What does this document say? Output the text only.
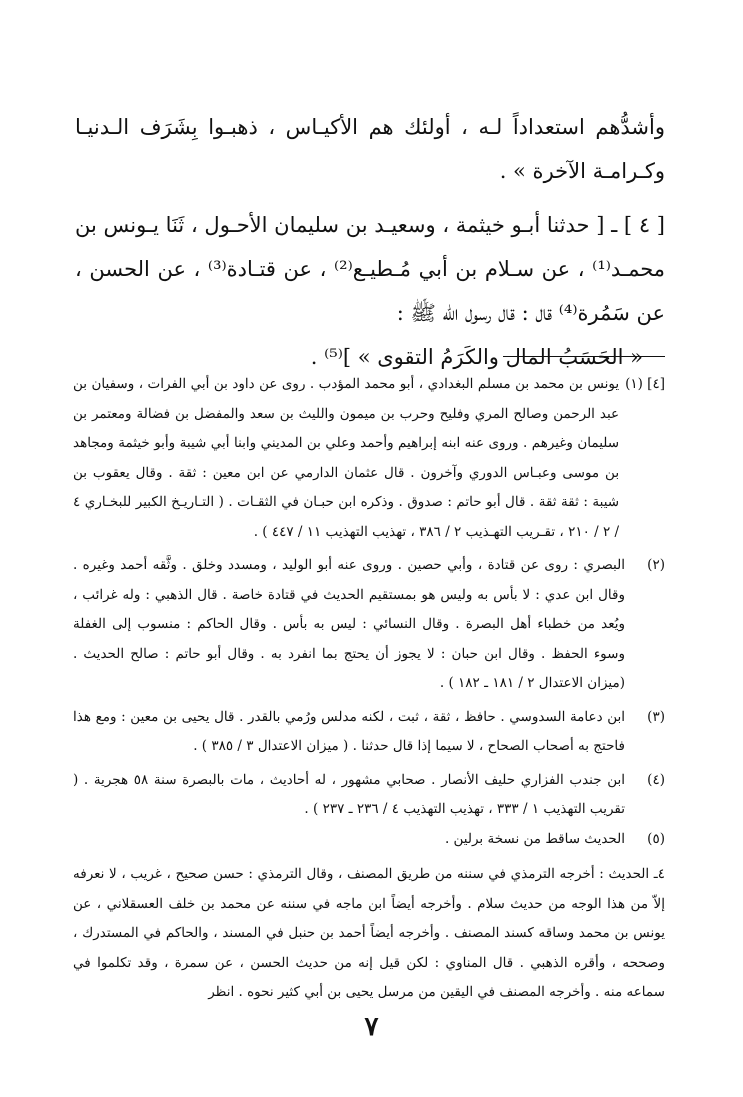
وأشدُّهم استعداداً لـه ، أولئك هم الأكيـاس ، ذهبـوا بِشَرَف الـدنيـا وكـرامـة الآخرة » .

[ ٤ ] ـ [ حدثنا أبـو خيثمة ، وسعيـد بن سليمان الأحـول ، ثَنَا يـونس بن محمـد⁽¹⁾ ، عن سـلام بن أبي مُـطيـع⁽²⁾ ، عن قتـادة⁽³⁾ ، عن الحسن ، عن سَمُرة⁽⁴⁾ قال : قال رسول الله ﷺ :

« الحَسَبُ المال والكَرَمُ التقوى » ]⁽⁵⁾ .

[٤] (١)
يونس بن محمد بن مسلم البغدادي ، أبو محمد المؤدب . روى عن داود بن أبي الفرات ، وسفيان بن عبد الرحمن وصالح المري وفليح وحرب بن ميمون والليث بن سعد والمفضل بن فضالة ومعتمر بن سليمان وغيرهم . وروى عنه ابنه إبراهيم وأحمد وعلي بن المديني وابنا أبي شيبة وأبو خيثمة ومجاهد بن موسى وعبـاس الدوري وآخرون . قال عثمان الدارمي عن ابن معين : ثقة . وقال يعقوب بن شيبة : ثقة ثقة . قال أبو حاتم : صدوق . وذكره ابن حبـان في الثقـات . ( التـاريـخ الكبير للبخـاري ٤ / ٢ / ٢١٠ ، تقـريب التهـذيب ٢ / ٣٨٦ ، تهذيب التهذيب ١١ / ٤٤٧ ) .
(٢)
البصري : روى عن قتادة ، وأبي حصين . وروى عنه أبو الوليد ، ومسدد وخلق . وثَّقه أحمد وغيره . وقال ابن عدي : لا بأس به وليس هو بمستقيم الحديث في قتادة خاصة . قال الذهبي : وله غرائب ، ويُعد من خطباء أهل البصرة . وقال النسائي : ليس به بأس . وقال الحاكم : منسوب إلى الغفلة وسوء الحفظ . وقال ابن حبان : لا يجوز أن يحتج بما انفرد به . وقال أبو حاتم : صالح الحديث . (ميزان الاعتدال ٢ / ١٨١ ـ ١٨٢ ) .
(٣)
ابن دعامة السدوسي . حافظ ، ثقة ، ثبت ، لكنه مدلس ورُمي بالقدر . قال يحيى بن معين : ومع هذا فاحتج به أصحاب الصحاح ، لا سيما إذا قال حدثنا . ( ميزان الاعتدال ٣ / ٣٨٥ ) .
(٤)
ابن جندب الفزاري حليف الأنصار . صحابي مشهور ، له أحاديث ، مات بالبصرة سنة ٥٨ هجرية . ( تقريب التهذيب ١ / ٣٣٣ ، تهذيب التهذيب ٤ / ٢٣٦ ـ ٢٣٧ ) .
(٥)
الحديث ساقط من نسخة برلين .

٤ـ الحديث : أخرجه الترمذي في سننه من طريق المصنف ، وقال الترمذي : حسن صحيح ، غريب ، لا نعرفه إلاّ من هذا الوجه من حديث سلام . وأخرجه أيضاً ابن ماجه في سننه عن محمد بن خلف العسقلاني ، عن يونس بن محمد وساقه كسند المصنف . وأخرجه أيضاً أحمد بن حنبل في المسند ، والحاكم في المستدرك ، وصححه ، وأقره الذهبي . قال المناوي : لكن قيل إنه من حديث الحسن ، عن سمرة ، وقد تكلموا في سماعه منه . وأخرجه المصنف في اليقين من مرسل يحيى بن أبي كثير نحوه . انظر

٧
